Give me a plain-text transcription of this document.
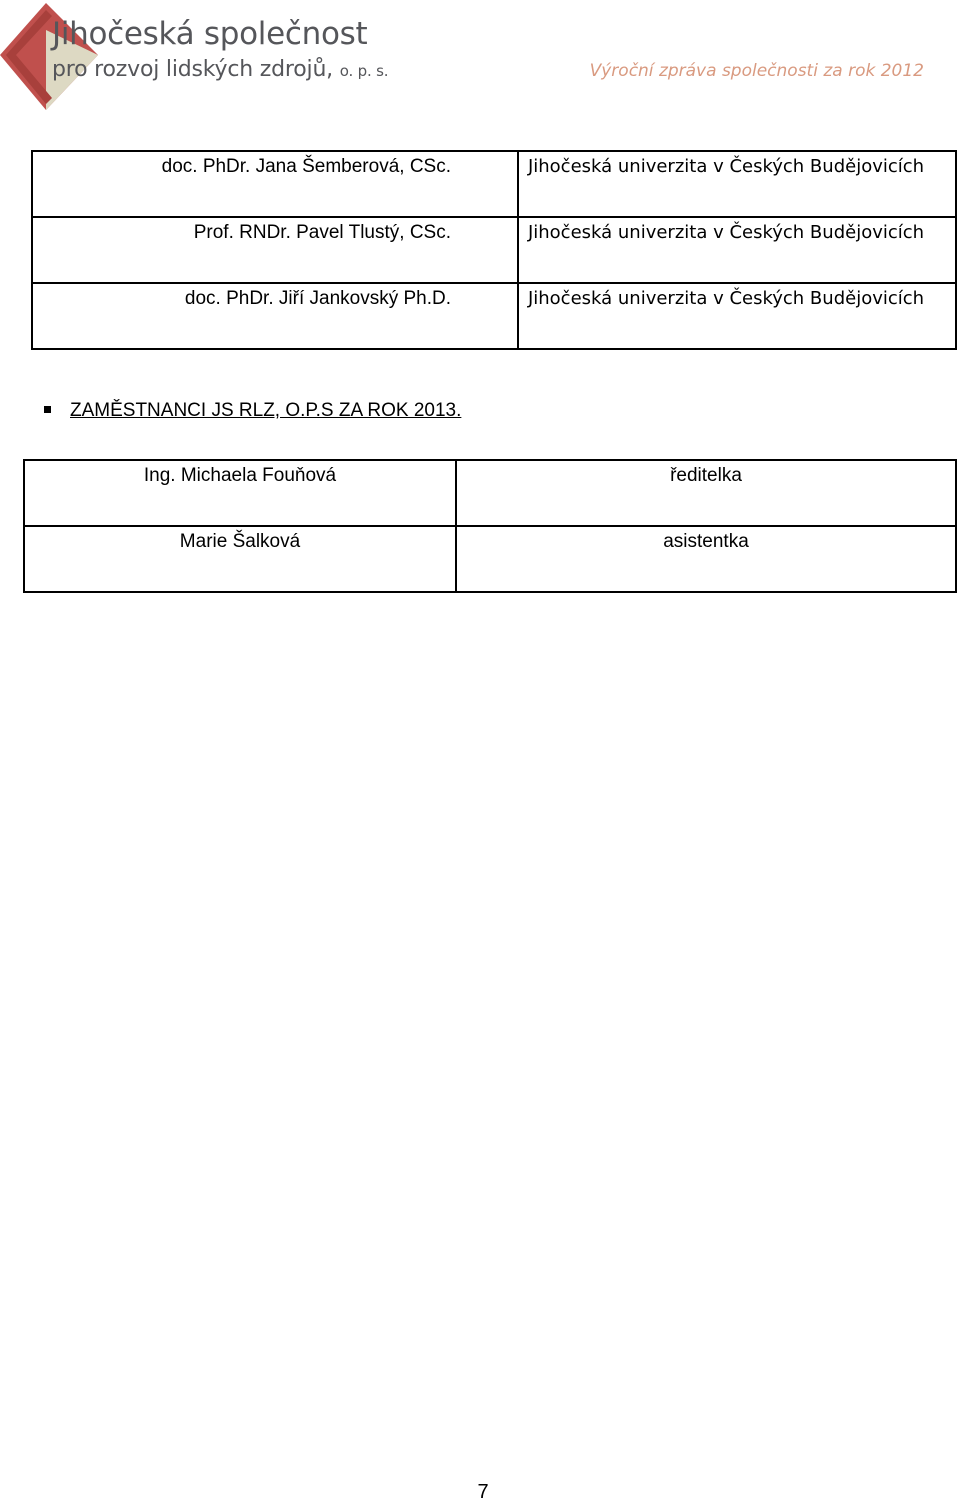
Jihočeská společnost
pro rozvoj lidských zdrojů, o. p. s.	Výroční zpráva společnosti za rok 2012
doc. PhDr. Jana Šemberová, CSc.	Jihočeská univerzita v Českých Budějovicích
Prof. RNDr. Pavel Tlustý, CSc.	Jihočeská univerzita v Českých Budějovicích
doc. PhDr. Jiří Jankovský Ph.D.	Jihočeská univerzita v Českých Budějovicích
ZAMĚSTNANCI JS RLZ, O.P.S ZA ROK 2013.
Ing. Michaela Fouňová	ředitelka
Marie Šalková	asistentka
7
